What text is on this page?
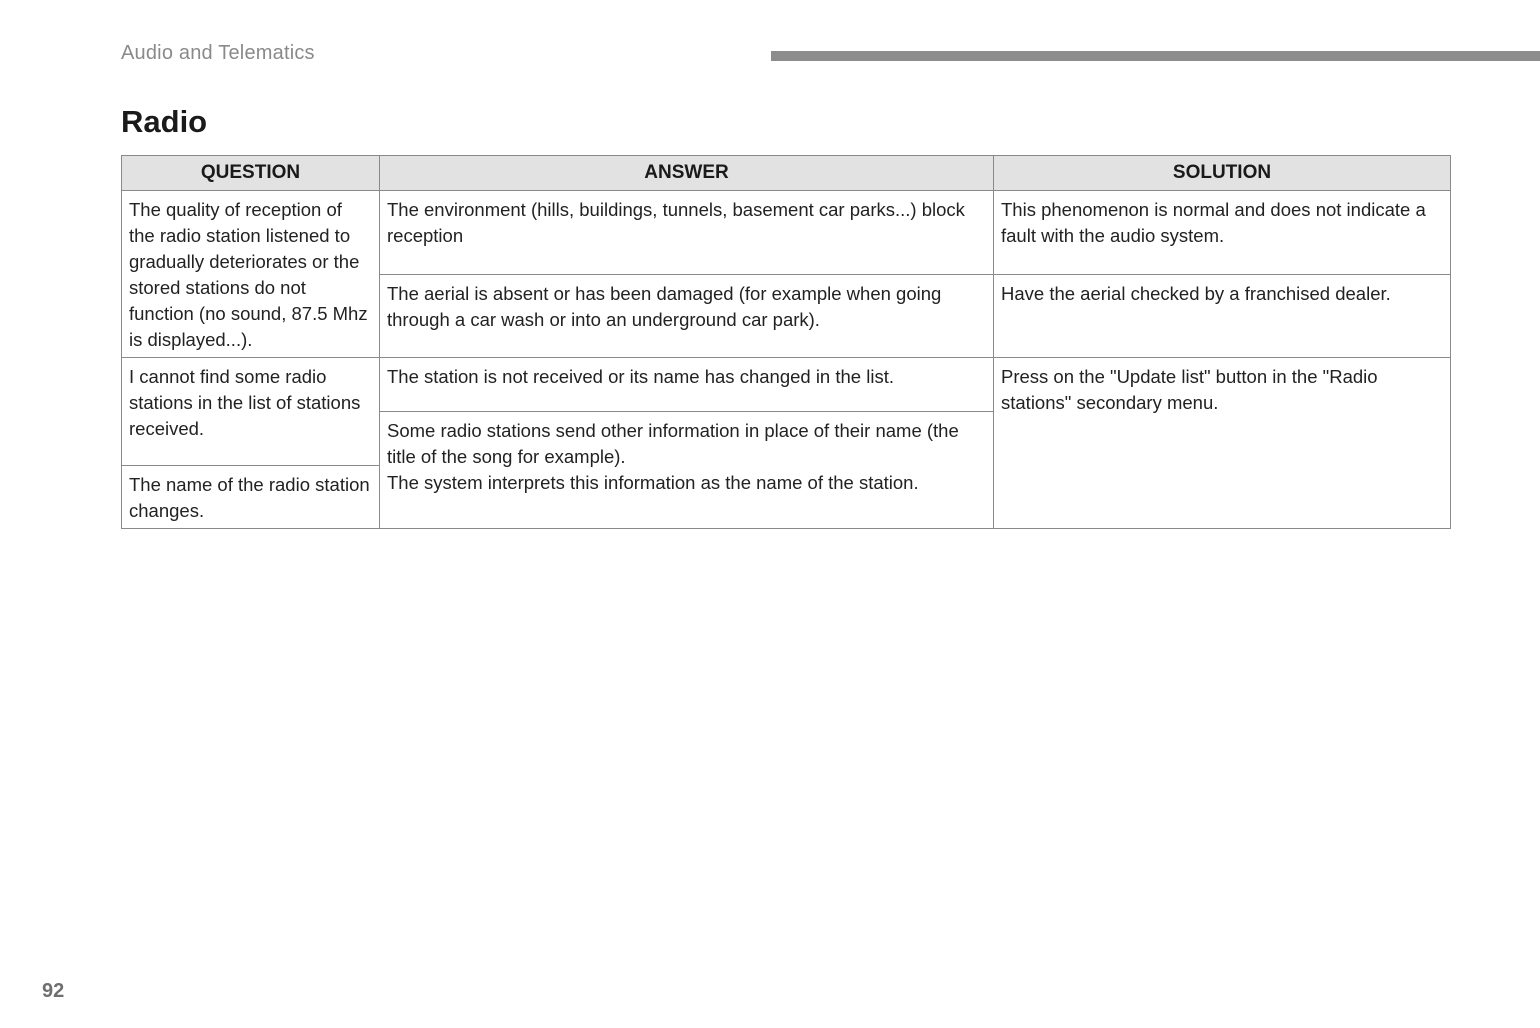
Audio and Telematics
Radio
QUESTION	ANSWER	SOLUTION
The quality of reception of the radio station listened to gradually deteriorates or the stored stations do not function (no sound, 87.5 Mhz is displayed...).	The environment (hills, buildings, tunnels, basement car parks...) block reception	This phenomenon is normal and does not indicate a fault with the audio system.
	The aerial is absent or has been damaged (for example when going through a car wash or into an underground car park).	Have the aerial checked by a franchised dealer.
I cannot find some radio stations in the list of stations received.	The station is not received or its name has changed in the list.	Press on the "Update list" button in the "Radio stations" secondary menu.

	Some radio stations send other information in place of their name (the title of the song for example).
The system interprets this information as the name of the station.	

The name of the radio station changes.		
92
